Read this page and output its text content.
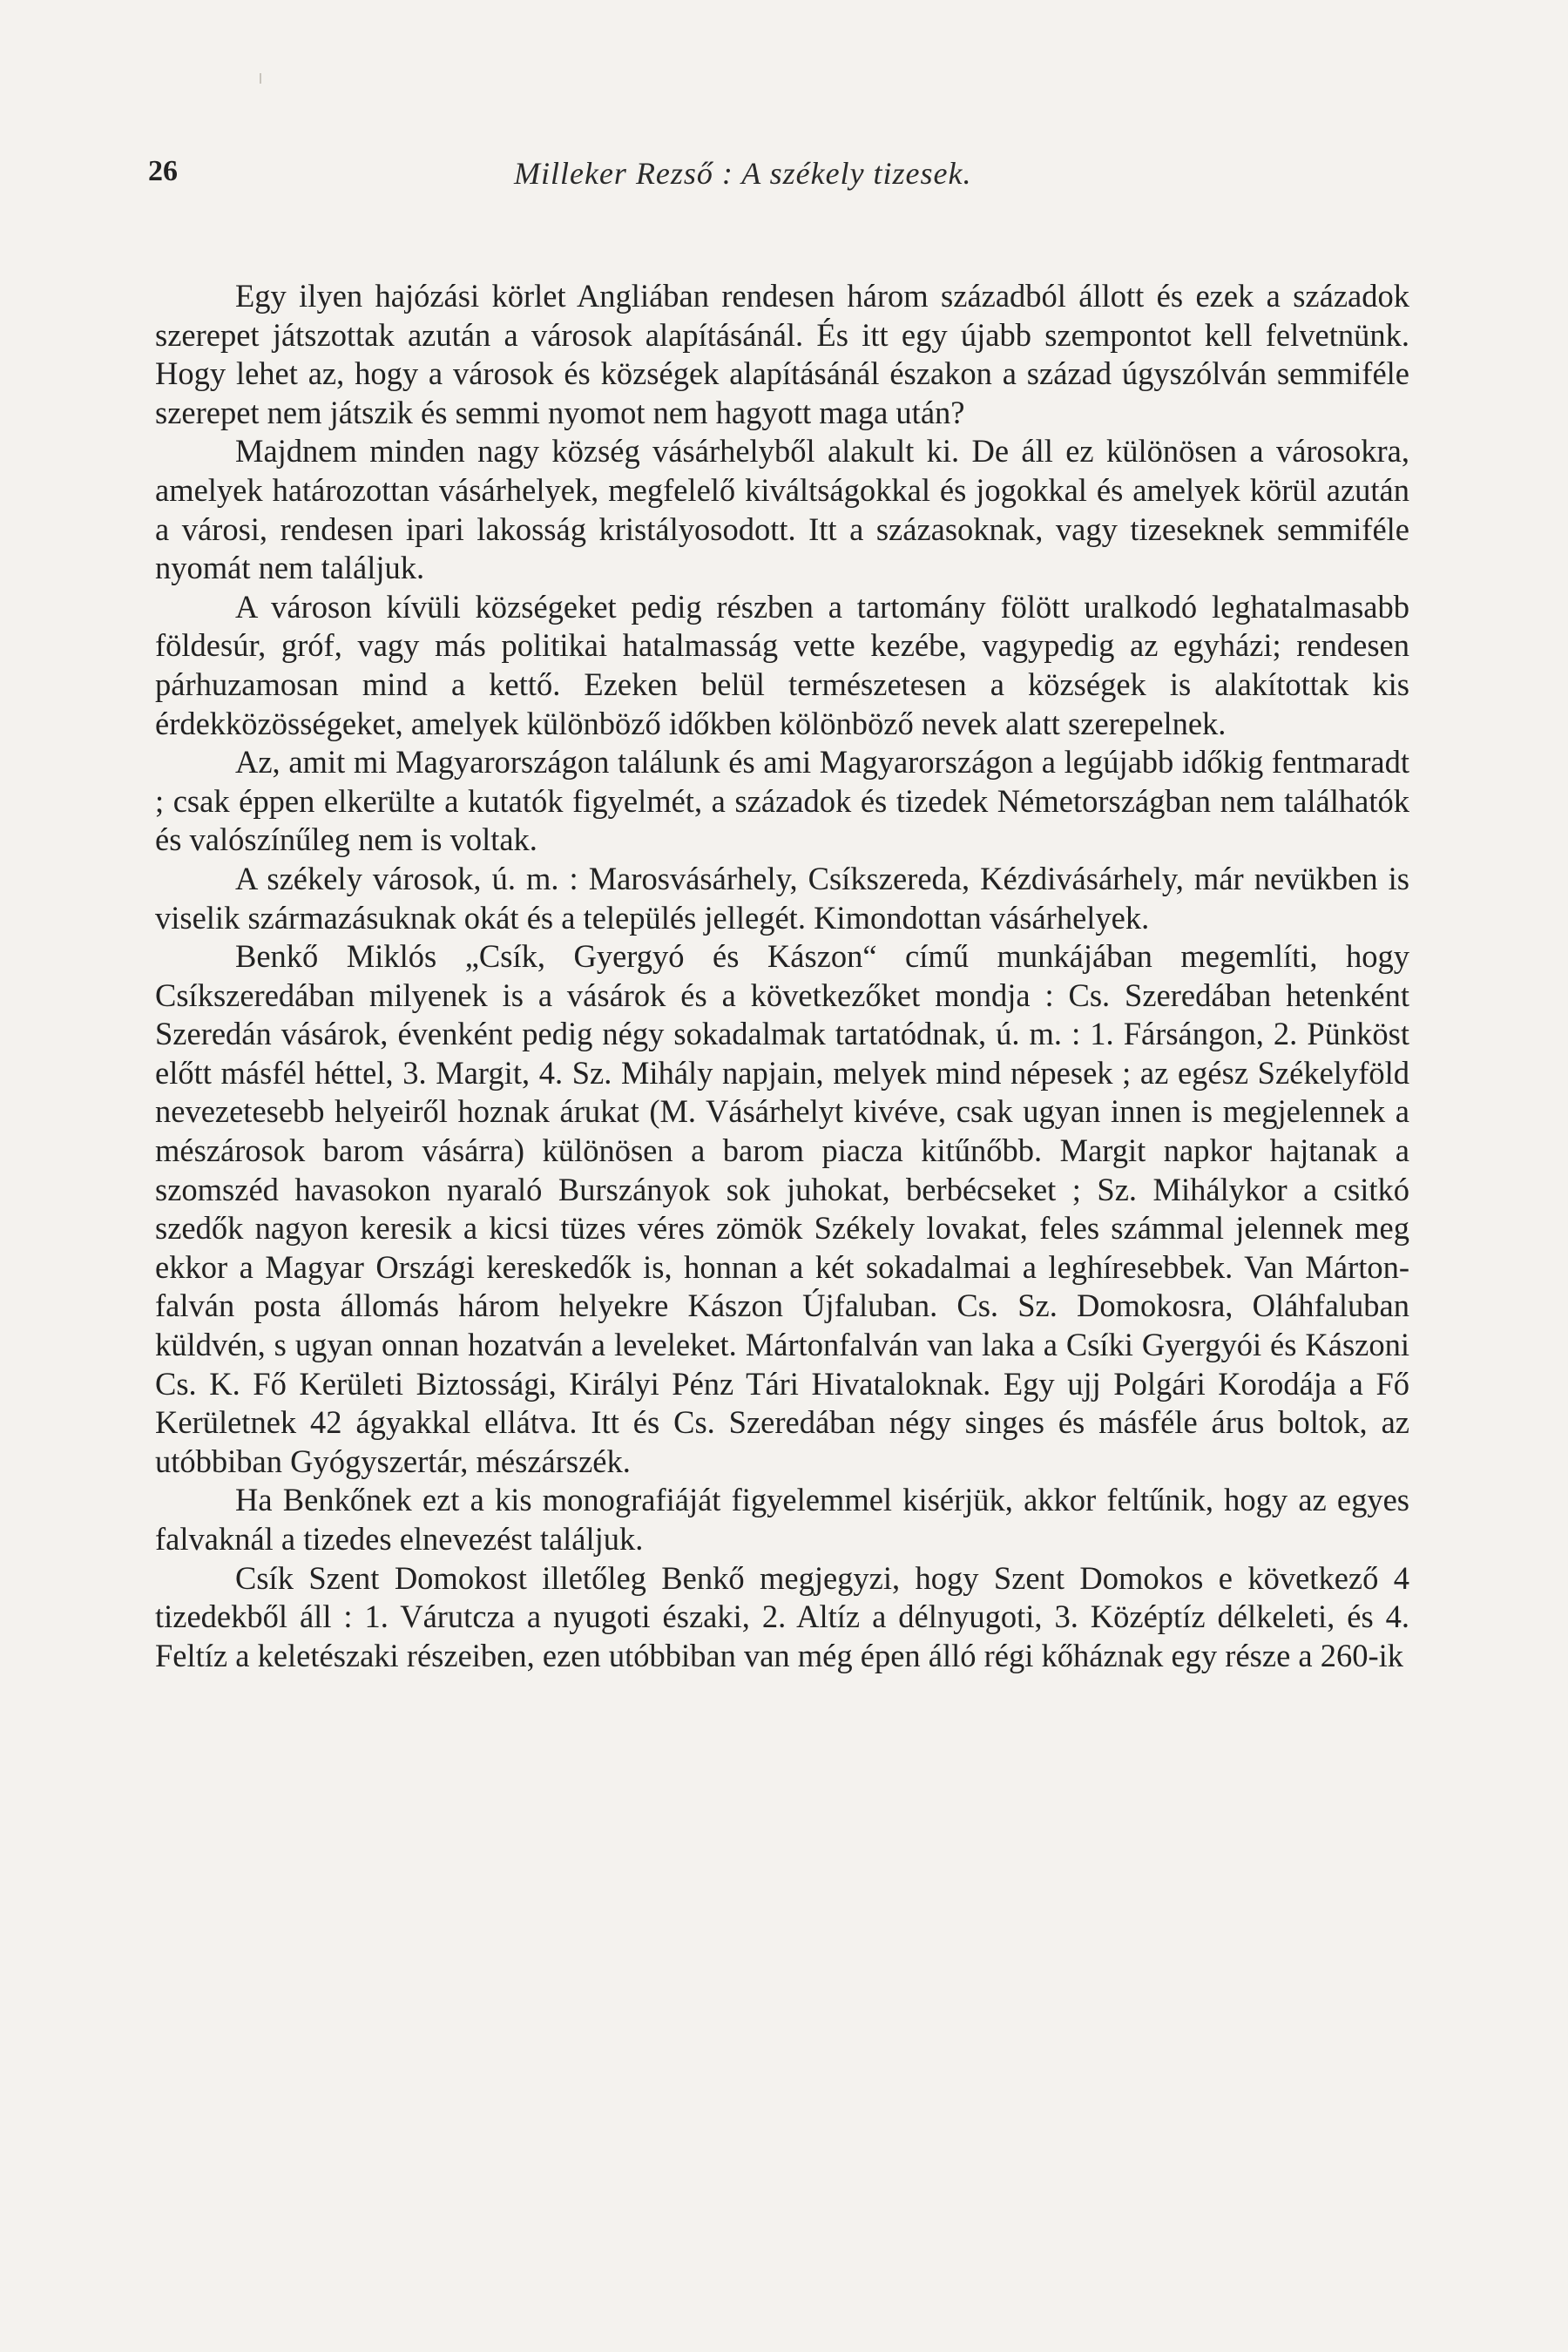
26	Milleker Rezső : A székely tizesek.

Egy ilyen hajózási körlet Angliában rendesen három századból állott és ezek a századok szerepet játszottak azután a városok alapításánál. És itt egy újabb szempontot kell felvetnünk. Hogy lehet az, hogy a városok és községek alapításánál északon a század úgyszólván semmiféle szerepet nem játszik és semmi nyomot nem hagyott maga után?

Majdnem minden nagy község vásárhelyből alakult ki. De áll ez különösen a városokra, amelyek határozottan vásárhelyek, megfelelő kiváltságokkal és jogokkal és amelyek körül azután a városi, rendesen ipari lakosság kristályosodott. Itt a százasoknak, vagy tizeseknek semmiféle nyomát nem találjuk.

A városon kívüli községeket pedig részben a tartomány fölött uralkodó leghatalmasabb földesúr, gróf, vagy más politikai hatalmasság vette kezébe, vagypedig az egyházi; rendesen párhuzamosan mind a kettő. Ezeken belül természetesen a községek is alakítottak kis érdekközösségeket, amelyek különböző időkben kölönböző nevek alatt szerepelnek.

Az, amit mi Magyarországon találunk és ami Magyarországon a legújabb időkig fentmaradt ; csak éppen elkerülte a kutatók figyelmét, a századok és tizedek Németországban nem találhatók és valószínűleg nem is voltak.

A székely városok, ú. m. : Marosvásárhely, Csíkszereda, Kézdivásárhely, már nevükben is viselik származásuknak okát és a település jellegét. Kimondottan vásárhelyek.

Benkő Miklós „Csík, Gyergyó és Kászon“ című munkájában megemlíti, hogy Csíkszeredában milyenek is a vásárok és a következőket mondja : Cs. Szeredában hetenként Szeredán vásárok, évenként pedig négy sokadalmak tartatódnak, ú. m. : 1. Fársángon, 2. Pünköst előtt másfél héttel, 3. Margit, 4. Sz. Mihály napjain, melyek mind népesek ; az egész Székelyföld nevezetesebb helyeiről hoznak árukat (M. Vásárhelyt kivéve, csak ugyan innen is megjelennek a mészárosok barom vásárra) különösen a barom piacza kitűnőbb. Margit napkor hajtanak a szomszéd havasokon nyaraló Burszányok sok juhokat, berbécseket ; Sz. Mihálykor a csitkó szedők nagyon keresik a kicsi tüzes véres zömök Székely lovakat, feles számmal jelennek meg ekkor a Magyar Országi kereskedők is, honnan a két sokadalmai a leghíresebbek. Van Mártonfalván posta állomás három helyekre Kászon Újfaluban. Cs. Sz. Domokosra, Oláhfaluban küldvén, s ugyan onnan hozatván a leveleket. Mártonfalván van laka a Csíki Gyergyói és Kászoni Cs. K. Fő Kerületi Biztossági, Királyi Pénz Tári Hivataloknak. Egy ujj Polgári Korodája a Fő Kerületnek 42 ágyakkal ellátva. Itt és Cs. Szeredában négy singes és másféle árus boltok, az utóbbiban Gyógyszertár, mészárszék.

Ha Benkőnek ezt a kis monografiáját figyelemmel kisérjük, akkor feltűnik, hogy az egyes falvaknál a tizedes elnevezést találjuk.

Csík Szent Domokost illetőleg Benkő megjegyzi, hogy Szent Domokos e következő 4 tizedekből áll : 1. Várutcza a nyugoti északi, 2. Altíz a délnyugoti, 3. Középtíz délkeleti, és 4. Feltíz a keletészaki részeiben, ezen utóbbiban van még épen álló régi kőháznak egy része a 260-ik
